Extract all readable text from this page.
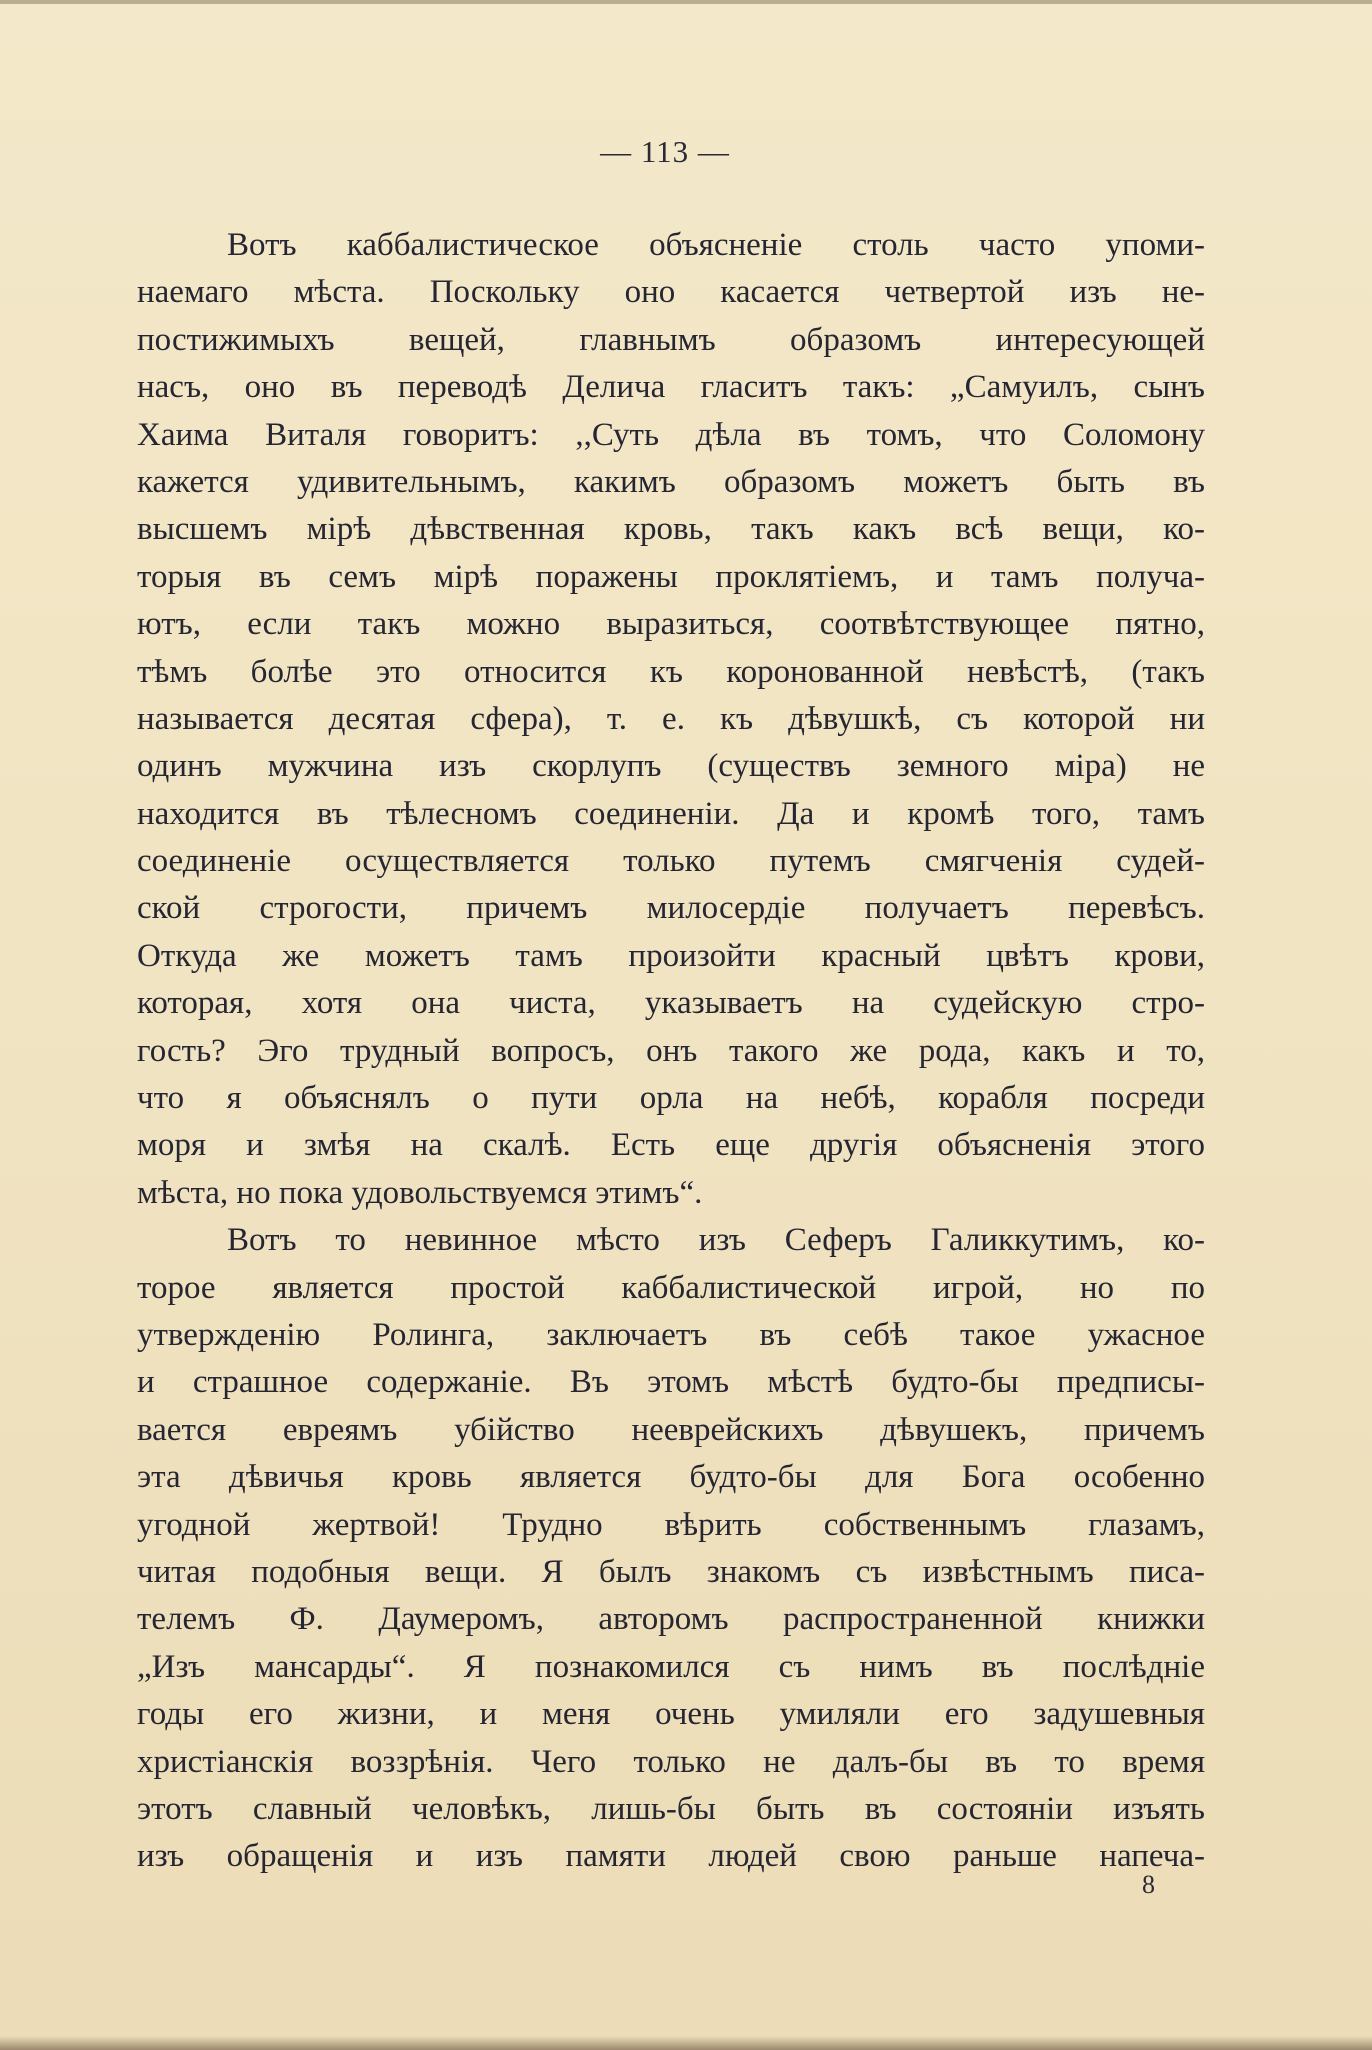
— 113 —
Вотъ каббалистическое объясненіе столь часто упоми-
наемаго мѣста. Поскольку оно касается четвертой изъ не-
постижимыхъ вещей, главнымъ образомъ интересующей
насъ, оно въ переводѣ Делича гласитъ такъ: „Самуилъ, сынъ
Хаима Виталя говоритъ: ,,Суть дѣла въ томъ, что Соломону
кажется удивительнымъ, какимъ образомъ можетъ быть въ
высшемъ мірѣ дѣвственная кровь, такъ какъ всѣ вещи, ко-
торыя въ семъ мірѣ поражены проклятіемъ, и тамъ получа-
ютъ, если такъ можно выразиться, соотвѣтствующее пятно,
тѣмъ болѣе это относится къ коронованной невѣстѣ, (такъ
называется десятая сфера), т. е. къ дѣвушкѣ, съ которой ни
одинъ мужчина изъ скорлупъ (существъ земного міра) не
находится въ тѣлесномъ соединеніи. Да и кромѣ того, тамъ
соединеніе осуществляется только путемъ смягченія судей-
ской строгости, причемъ милосердіе получаетъ перевѣсъ.
Откуда же можетъ тамъ произойти красный цвѣтъ крови,
которая, хотя она чиста, указываетъ на судейскую стро-
гость? Эго трудный вопросъ, онъ такого же рода, какъ и то,
что я объяснялъ о пути орла на небѣ, корабля посреди
моря и змѣя на скалѣ. Есть еще другія объясненія этого
мѣста, но пока удовольствуемся этимъ“.
Вотъ то невинное мѣсто изъ Сеферъ Галиккутимъ, ко-
торое является простой каббалистической игрой, но по
утвержденію Ролинга, заключаетъ въ себѣ такое ужасное
и страшное содержаніе. Въ этомъ мѣстѣ будто-бы предписы-
вается евреямъ убійство нееврейскихъ дѣвушекъ, причемъ
эта дѣвичья кровь является будто-бы для Бога особенно
угодной жертвой! Трудно вѣрить собственнымъ глазамъ,
читая подобныя вещи. Я былъ знакомъ съ извѣстнымъ писа-
телемъ Ф. Даумеромъ, авторомъ распространенной книжки
„Изъ мансарды“. Я познакомился съ нимъ въ послѣдніе
годы его жизни, и меня очень умиляли его задушевныя
христіанскія воззрѣнія. Чего только не далъ-бы въ то время
этотъ славный человѣкъ, лишь-бы быть въ состояніи изъять
изъ обращенія и изъ памяти людей свою раньше напеча-
8
